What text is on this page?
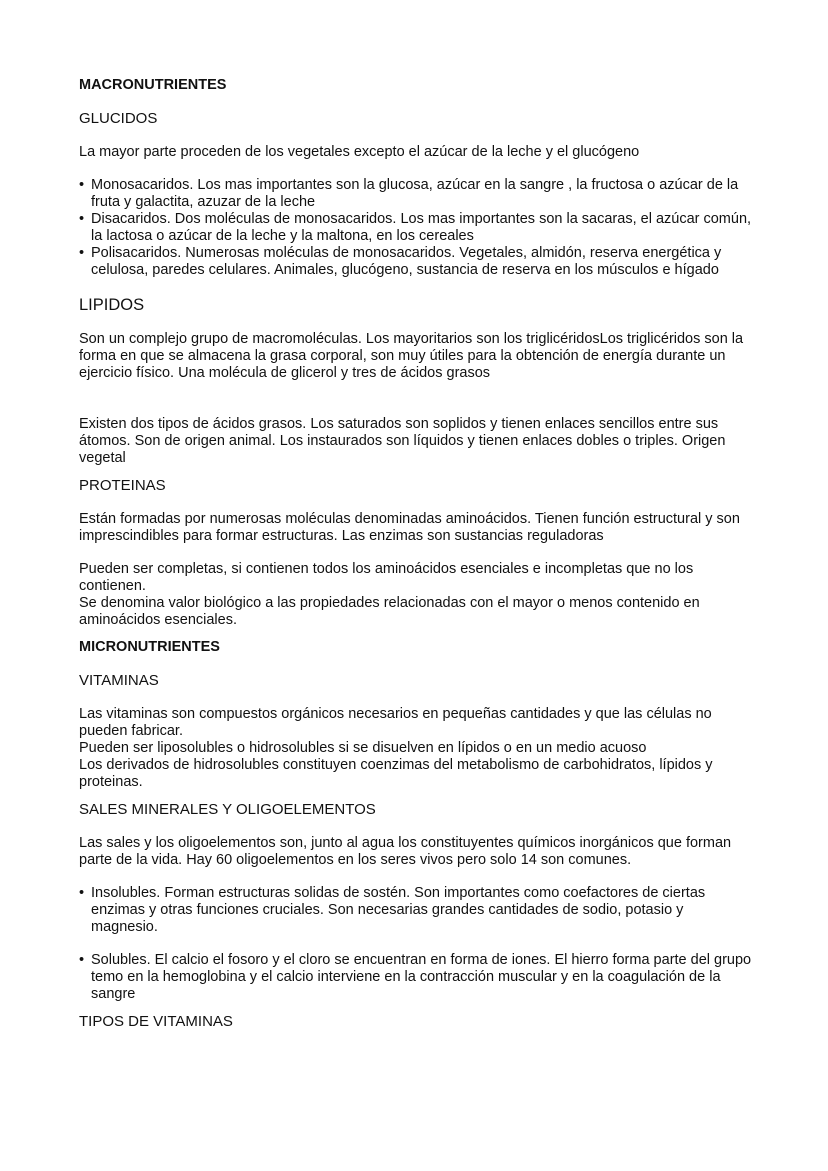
MACRONUTRIENTES
GLUCIDOS

La mayor parte proceden de los vegetales excepto el azúcar de la leche y el glucógeno

• Monosacaridos. Los mas importantes son la glucosa, azúcar en la sangre , la fructosa o azúcar de la fruta y galactita, azuzar de la leche
• Disacaridos. Dos moléculas de monosacaridos. Los mas importantes son la sacaras, el azúcar común, la lactosa o azúcar de la leche y la maltona, en los cereales
• Polisacaridos. Numerosas moléculas de monosacaridos. Vegetales, almidón, reserva energética y celulosa, paredes celulares. Animales, glucógeno, sustancia de reserva en los músculos e hígado
LIPIDOS

Son un complejo grupo de macromoléculas. Los mayoritarios son los triglicéridosLos triglicéridos son la forma en que se almacena la grasa corporal, son muy útiles para la obtención de energía durante un ejercicio físico. Una molécula de glicerol y tres de ácidos grasos

Existen dos tipos de ácidos grasos. Los saturados son soplidos y tienen enlaces sencillos entre sus átomos. Son de origen animal. Los instaurados son líquidos y tienen enlaces dobles o triples. Origen vegetal

PROTEINAS

Están formadas por numerosas moléculas denominadas aminoácidos. Tienen función estructural y son imprescindibles para formar estructuras. Las enzimas son sustancias reguladoras

Pueden ser completas, si contienen todos los aminoácidos esenciales e incompletas que no los contienen.

Se denomina valor biológico a las propiedades relacionadas con el mayor o menos contenido en aminoácidos esenciales.

MICRONUTRIENTES
VITAMINAS

Las vitaminas son compuestos orgánicos necesarios en pequeñas cantidades y que las células no pueden fabricar.

Pueden ser liposolubles o hidrosolubles si se disuelven en lípidos o en un medio acuoso

Los derivados de hidrosolubles constituyen coenzimas del metabolismo de carbohidratos, lípidos y proteinas.

SALES MINERALES Y OLIGOELEMENTOS

Las sales y los oligoelementos son, junto al agua los constituyentes químicos inorgánicos que forman parte de la vida. Hay 60 oligoelementos en los seres vivos pero solo 14 son comunes.

• Insolubles. Forman estructuras solidas de sostén. Son importantes como coefactores de ciertas enzimas y otras funciones cruciales. Son necesarias grandes cantidades de sodio, potasio y magnesio.
• Solubles. El calcio el fosoro y el cloro se encuentran en forma de iones. El hierro forma parte del grupo temo en la hemoglobina y el calcio interviene en la contracción muscular y en la coagulación de la sangre
TIPOS DE VITAMINAS
